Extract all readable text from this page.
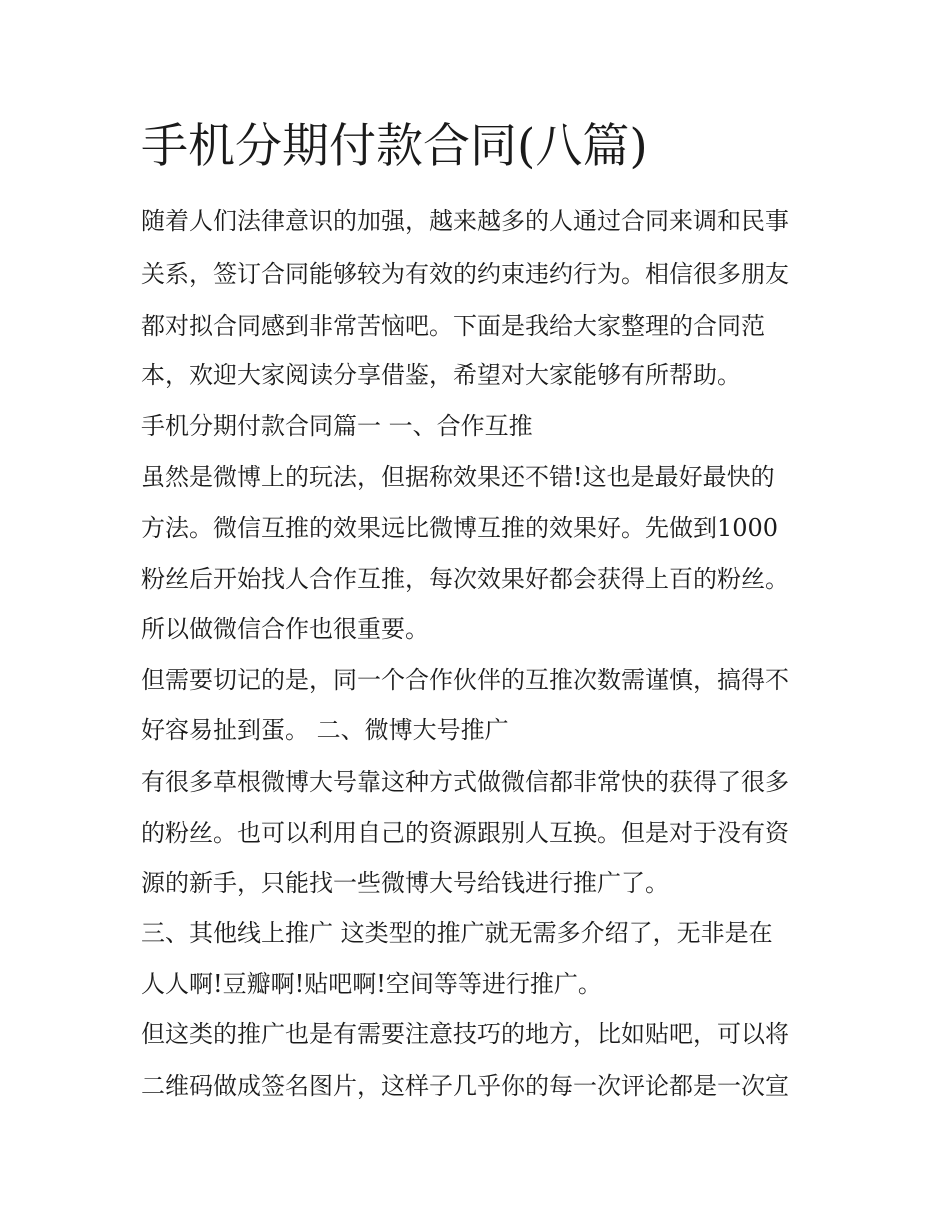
手机分期付款合同(八篇)

随着人们法律意识的加强，越来越多的人通过合同来调和民事

关系，签订合同能够较为有效的约束违约行为。相信很多朋友

都对拟合同感到非常苦恼吧。下面是我给大家整理的合同范

本，欢迎大家阅读分享借鉴，希望对大家能够有所帮助。

手机分期付款合同篇一 一、合作互推

虽然是微博上的玩法，但据称效果还不错!这也是最好最快的

方法。微信互推的效果远比微博互推的效果好。先做到1000

粉丝后开始找人合作互推，每次效果好都会获得上百的粉丝。

所以做微信合作也很重要。

但需要切记的是，同一个合作伙伴的互推次数需谨慎，搞得不

好容易扯到蛋。 二、微博大号推广

有很多草根微博大号靠这种方式做微信都非常快的获得了很多

的粉丝。也可以利用自己的资源跟别人互换。但是对于没有资

源的新手，只能找一些微博大号给钱进行推广了。

三、其他线上推广 这类型的推广就无需多介绍了，无非是在

人人啊!豆瓣啊!贴吧啊!空间等等进行推广。

但这类的推广也是有需要注意技巧的地方，比如贴吧，可以将

二维码做成签名图片，这样子几乎你的每一次评论都是一次宣
